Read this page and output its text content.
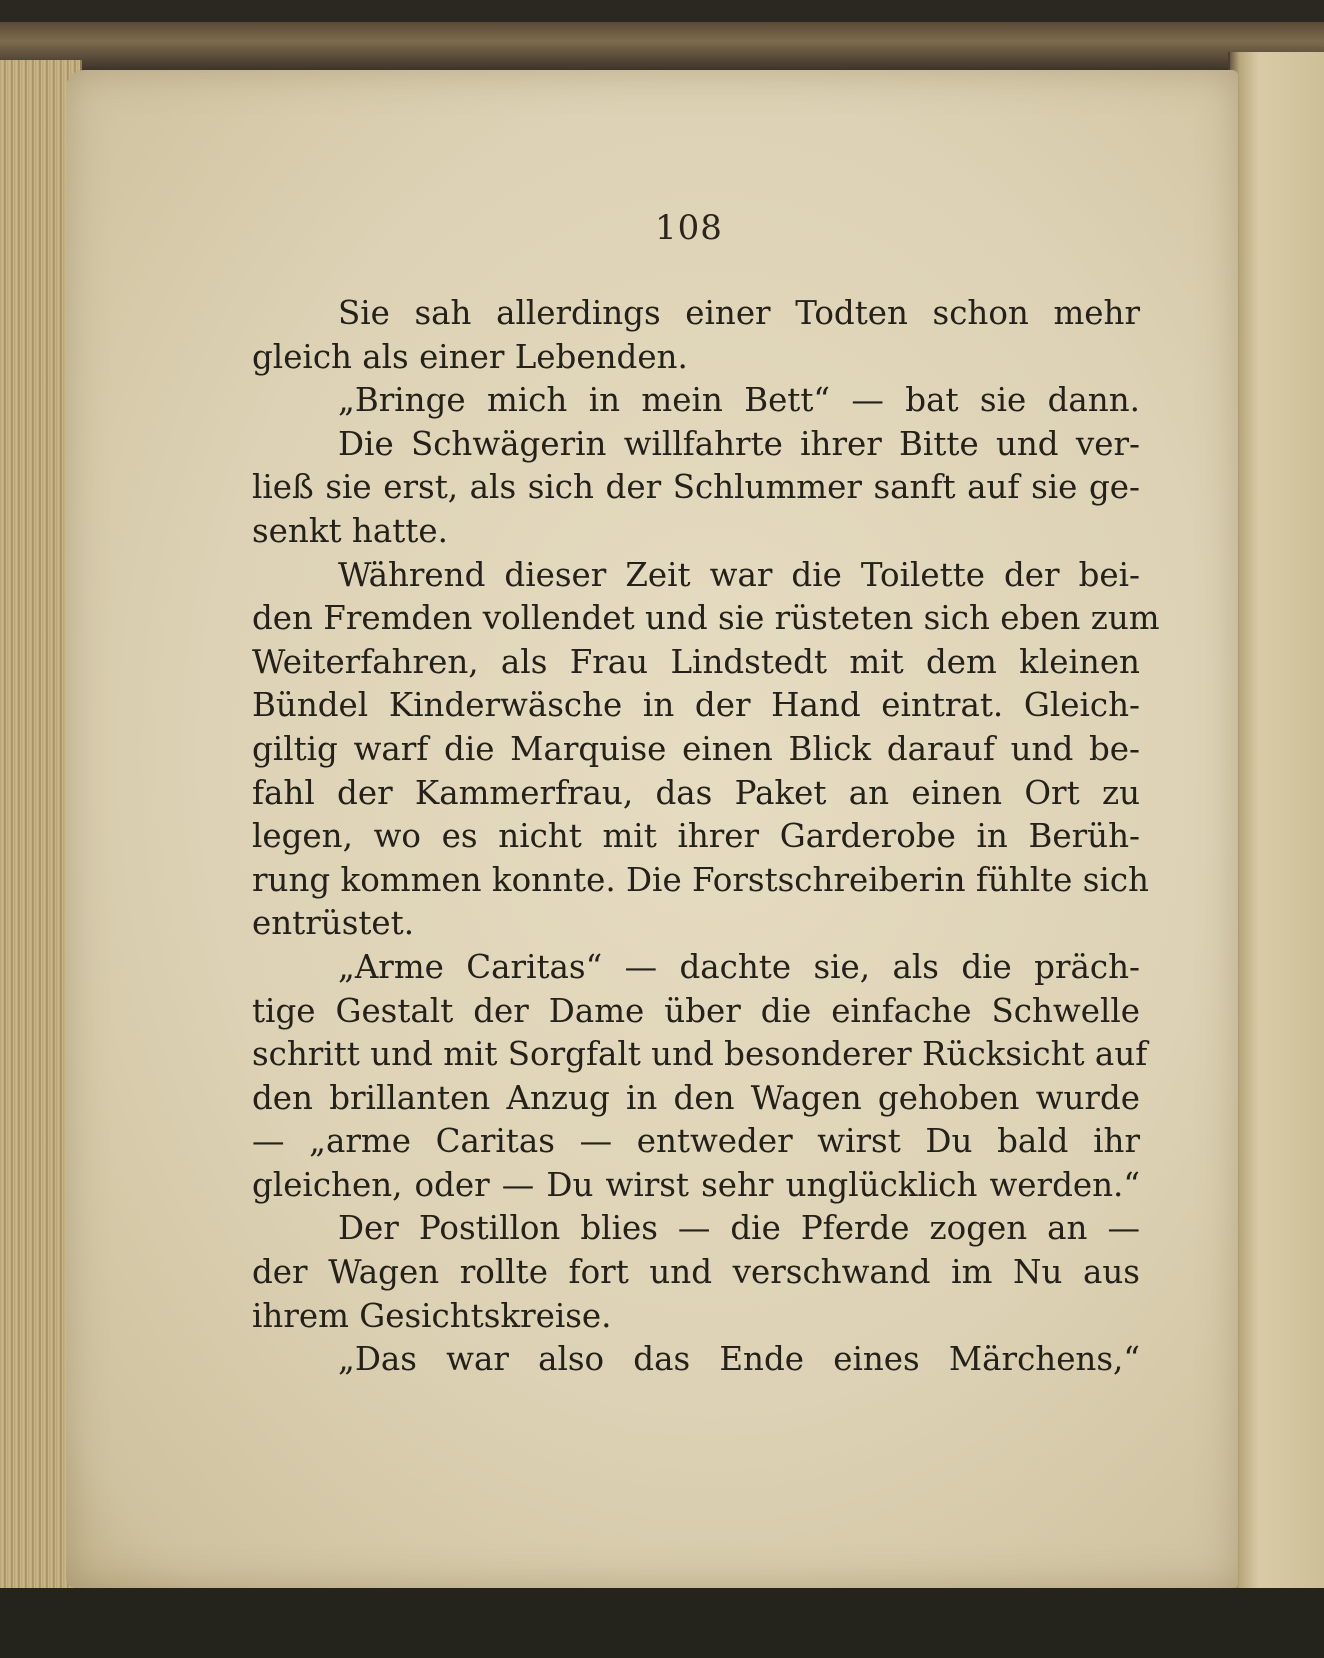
108
Sie sah allerdings einer Todten schon mehr
gleich als einer Lebenden.
„Bringe mich in mein Bett“ — bat sie dann.
Die Schwägerin willfahrte ihrer Bitte und ver-
ließ sie erst, als sich der Schlummer sanft auf sie ge-
senkt hatte.
Während dieser Zeit war die Toilette der bei-
den Fremden vollendet und sie rüsteten sich eben zum
Weiterfahren, als Frau Lindstedt mit dem kleinen
Bündel Kinderwäsche in der Hand eintrat. Gleich-
giltig warf die Marquise einen Blick darauf und be-
fahl der Kammerfrau, das Paket an einen Ort zu
legen, wo es nicht mit ihrer Garderobe in Berüh-
rung kommen konnte. Die Forstschreiberin fühlte sich
entrüstet.
„Arme Caritas“ — dachte sie, als die präch-
tige Gestalt der Dame über die einfache Schwelle
schritt und mit Sorgfalt und besonderer Rücksicht auf
den brillanten Anzug in den Wagen gehoben wurde
— „arme Caritas — entweder wirst Du bald ihr
gleichen, oder — Du wirst sehr unglücklich werden.“
Der Postillon blies — die Pferde zogen an —
der Wagen rollte fort und verschwand im Nu aus
ihrem Gesichtskreise.
„Das war also das Ende eines Märchens,“
